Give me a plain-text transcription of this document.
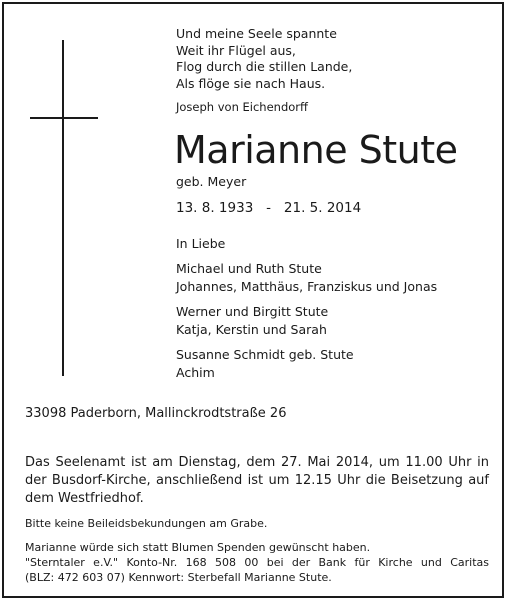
Und meine Seele spannte
Weit ihr Flügel aus,
Flog durch die stillen Lande,
Als flöge sie nach Haus.
Joseph von Eichendorff
Marianne Stute
geb. Meyer
13. 8. 1933   -   21. 5. 2014
In Liebe
Michael und Ruth Stute
Johannes, Matthäus, Franziskus und Jonas
Werner und Birgitt Stute
Katja, Kerstin und Sarah
Susanne Schmidt geb. Stute
Achim
33098 Paderborn, Mallinckrodtstraße 26
Das Seelenamt ist am Dienstag, dem 27. Mai 2014, um 11.00 Uhr in
der Busdorf-Kirche, anschließend ist um 12.15 Uhr die Beisetzung auf
dem Westfriedhof.
Bitte keine Beileidsbekundungen am Grabe.
Marianne würde sich statt Blumen Spenden gewünscht haben.
"Sterntaler e.V." Konto-Nr. 168 508 00 bei der Bank für Kirche und Caritas
(BLZ: 472 603 07) Kennwort: Sterbefall Marianne Stute.
